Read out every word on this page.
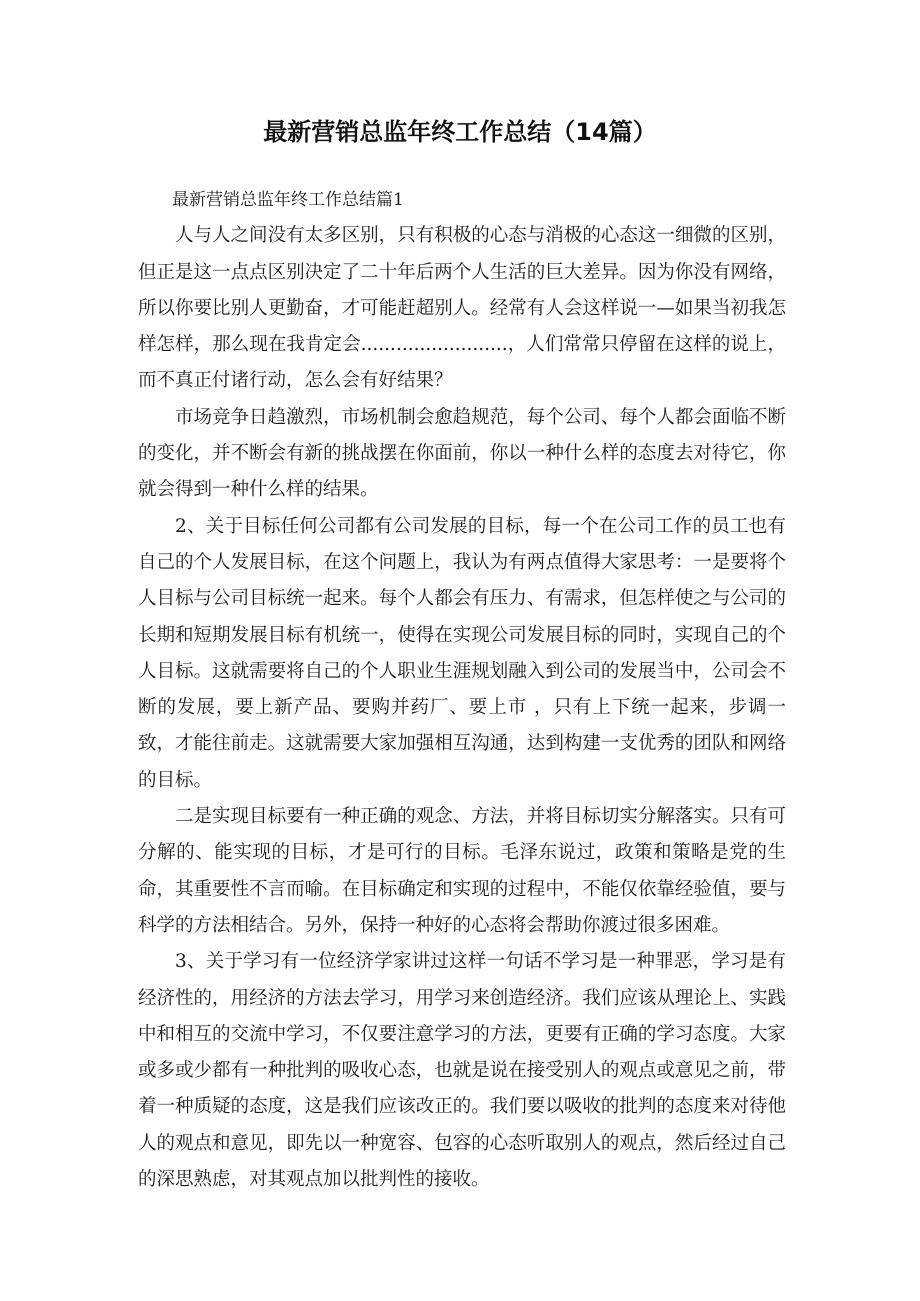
最新营销总监年终工作总结（14篇）

最新营销总监年终工作总结篇1

人与人之间没有太多区别，只有积极的心态与消极的心态这一细微的区别，但正是这一点点区别决定了二十年后两个人生活的巨大差异。因为你没有网络，所以你要比别人更勤奋，才可能赶超别人。经常有人会这样说一—如果当初我怎样怎样，那么现在我肯定会.........................，人们常常只停留在这样的说上，而不真正付诸行动，怎么会有好结果？

市场竞争日趋激烈，市场机制会愈趋规范，每个公司、每个人都会面临不断的变化，并不断会有新的挑战摆在你面前，你以一种什么样的态度去对待它，你就会得到一种什么样的结果。

2、关于目标任何公司都有公司发展的目标，每一个在公司工作的员工也有自己的个人发展目标，在这个问题上，我认为有两点值得大家思考：一是要将个人目标与公司目标统一起来。每个人都会有压力、有需求，但怎样使之与公司的长期和短期发展目标有机统一，使得在实现公司发展目标的同时，实现自己的个人目标。这就需要将自己的个人职业生涯规划融入到公司的发展当中，公司会不断的发展，要上新产品、要购并药厂、要上市 ，只有上下统一起来，步调一致，才能往前走。这就需要大家加强相互沟通，达到构建一支优秀的团队和网络的目标。

二是实现目标要有一种正确的观念、方法，并将目标切实分解落实。只有可分解的、能实现的目标，才是可行的目标。毛泽东说过，政策和策略是党的生命，其重要性不言而喻。在目标确定和实现的过程中，不能仅依靠经验值，要与科学的方法相结合。另外，保持一种好的心态将会帮助你渡过很多困难。

3、关于学习有一位经济学家讲过这样一句话不学习是一种罪恶，学习是有经济性的，用经济的方法去学习，用学习来创造经济。我们应该从理论上、实践中和相互的交流中学习，不仅要注意学习的方法，更要有正确的学习态度。大家或多或少都有一种批判的吸收心态，也就是说在接受别人的观点或意见之前，带着一种质疑的态度，这是我们应该改正的。我们要以吸收的批判的态度来对待他人的观点和意见，即先以一种宽容、包容的心态听取别人的观点，然后经过自己的深思熟虑，对其观点加以批判性的接收。
